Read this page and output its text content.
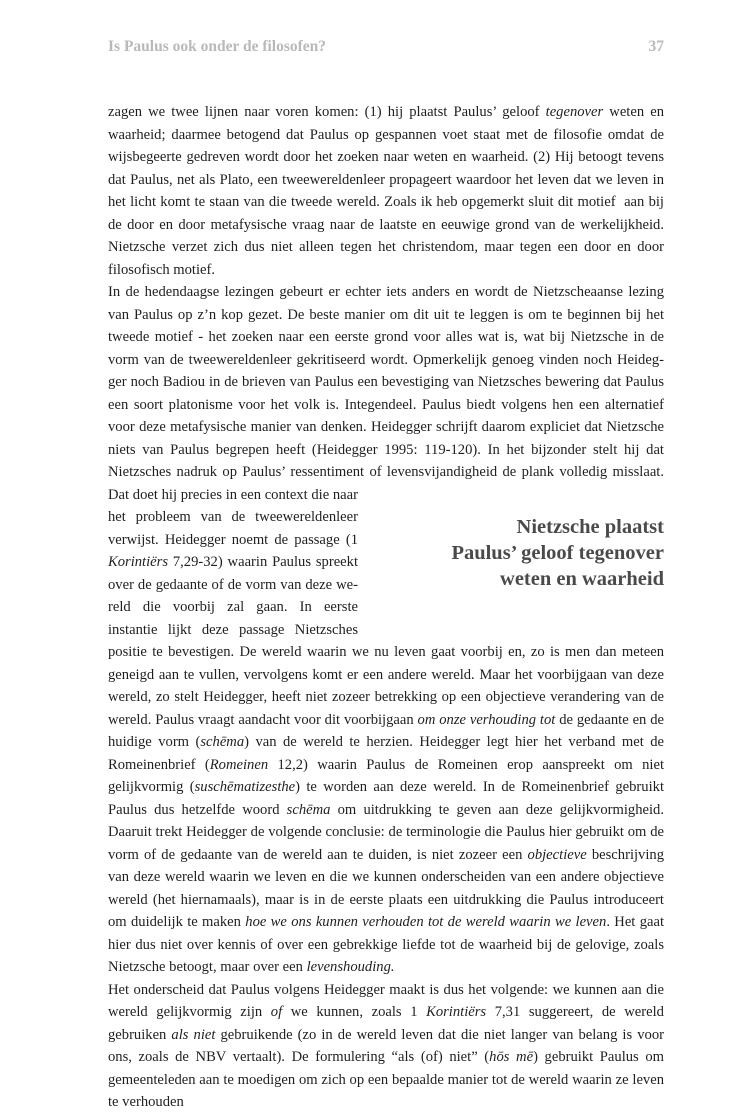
Is Paulus ook onder de filosofen?	37

zagen we twee lijnen naar voren komen: (1) hij plaatst Paulus’ geloof tegenover weten en waarheid; daarmee betogend dat Paulus op gespannen voet staat met de filosofie omdat de wijsbegeerte gedreven wordt door het zoeken naar weten en waarheid. (2) Hij betoogt tevens dat Paulus, net als Plato, een tweewereldenleer propageert waardoor het leven dat we leven in het licht komt te staan van die tweede wereld. Zoals ik heb opgemerkt sluit dit motief  aan bij de door en door metafysische vraag naar de laatste en eeuwige grond van de werkelijkheid. Nietzsche verzet zich dus niet alleen tegen het christendom, maar tegen een door en door filosofisch motief.

In de hedendaagse lezingen gebeurt er echter iets anders en wordt de Nietzscheaanse lezing van Paulus op z’n kop gezet. De beste manier om dit uit te leggen is om te beginnen bij het tweede motief - het zoeken naar een eerste grond voor alles wat is, wat bij Nietzsche in de vorm van de tweewereldenleer gekritiseerd wordt. Opmerkelijk genoeg vinden noch Heidegger noch Badiou in de brieven van Paulus een bevestiging van Nietzsches bewering dat Paulus een soort platonisme voor het volk is. Integendeel. Paulus biedt volgens hen een alternatief voor deze metafysische manier van denken. Heidegger schrijft daarom expliciet dat Nietzsche niets van Paulus begrepen heeft (Heidegger 1995: 119-120). In het bijzonder stelt hij dat Nietzsches nadruk op Paulus’ ressentiment of levensvijandigheid de plank volledig misslaat.
Nietzsche plaatst
Paulus’ geloof tegenover
weten en waarheid
Dat doet hij precies in een context die naar het probleem van de tweewereldenleer verwijst. Heidegger noemt de passage (1 Korintiërs 7,29-32) waarin Paulus spreekt over de gedaante of de vorm van deze wereld die voorbij zal gaan. In eerste instantie lijkt deze passage Nietzsches positie te bevestigen. De wereld waarin we nu leven gaat voorbij en, zo is men dan meteen geneigd aan te vullen, vervolgens komt er een andere wereld. Maar het voorbijgaan van deze wereld, zo stelt Heidegger, heeft niet zozeer betrekking op een objectieve verandering van de wereld. Paulus vraagt aandacht voor dit voorbijgaan om onze verhouding tot de gedaante en de huidige vorm (schēma) van de wereld te herzien. Heidegger legt hier het verband met de Romeinenbrief (Romeinen 12,2) waarin Paulus de Romeinen erop aanspreekt om niet gelijkvormig (suschēmatizesthe) te worden aan deze wereld. In de Romeinenbrief gebruikt Paulus dus hetzelfde woord schēma om uitdrukking te geven aan deze gelijkvormigheid. Daaruit trekt Heidegger de volgende conclusie: de terminologie die Paulus hier gebruikt om de vorm of de gedaante van de wereld aan te duiden, is niet zozeer een objectieve beschrijving van deze wereld waarin we leven en die we kunnen onderscheiden van een andere objectieve wereld (het hiernamaals), maar is in de eerste plaats een uitdrukking die Paulus introduceert om duidelijk te maken hoe we ons kunnen verhouden tot de wereld waarin we leven. Het gaat hier dus niet over kennis of over een gebrekkige liefde tot de waarheid bij de gelovige, zoals Nietzsche betoogt, maar over een levenshouding.

Het onderscheid dat Paulus volgens Heidegger maakt is dus het volgende: we kunnen aan die wereld gelijkvormig zijn of we kunnen, zoals 1 Korintiërs 7,31 suggereert, de wereld gebruiken als niet gebruikende (zo in de wereld leven dat die niet langer van belang is voor ons, zoals de NBV vertaalt). De formulering “als (of) niet” (hōs mē) gebruikt Paulus om gemeenteleden aan te moedigen om zich op een bepaalde manier tot de wereld waarin ze leven te verhouden
